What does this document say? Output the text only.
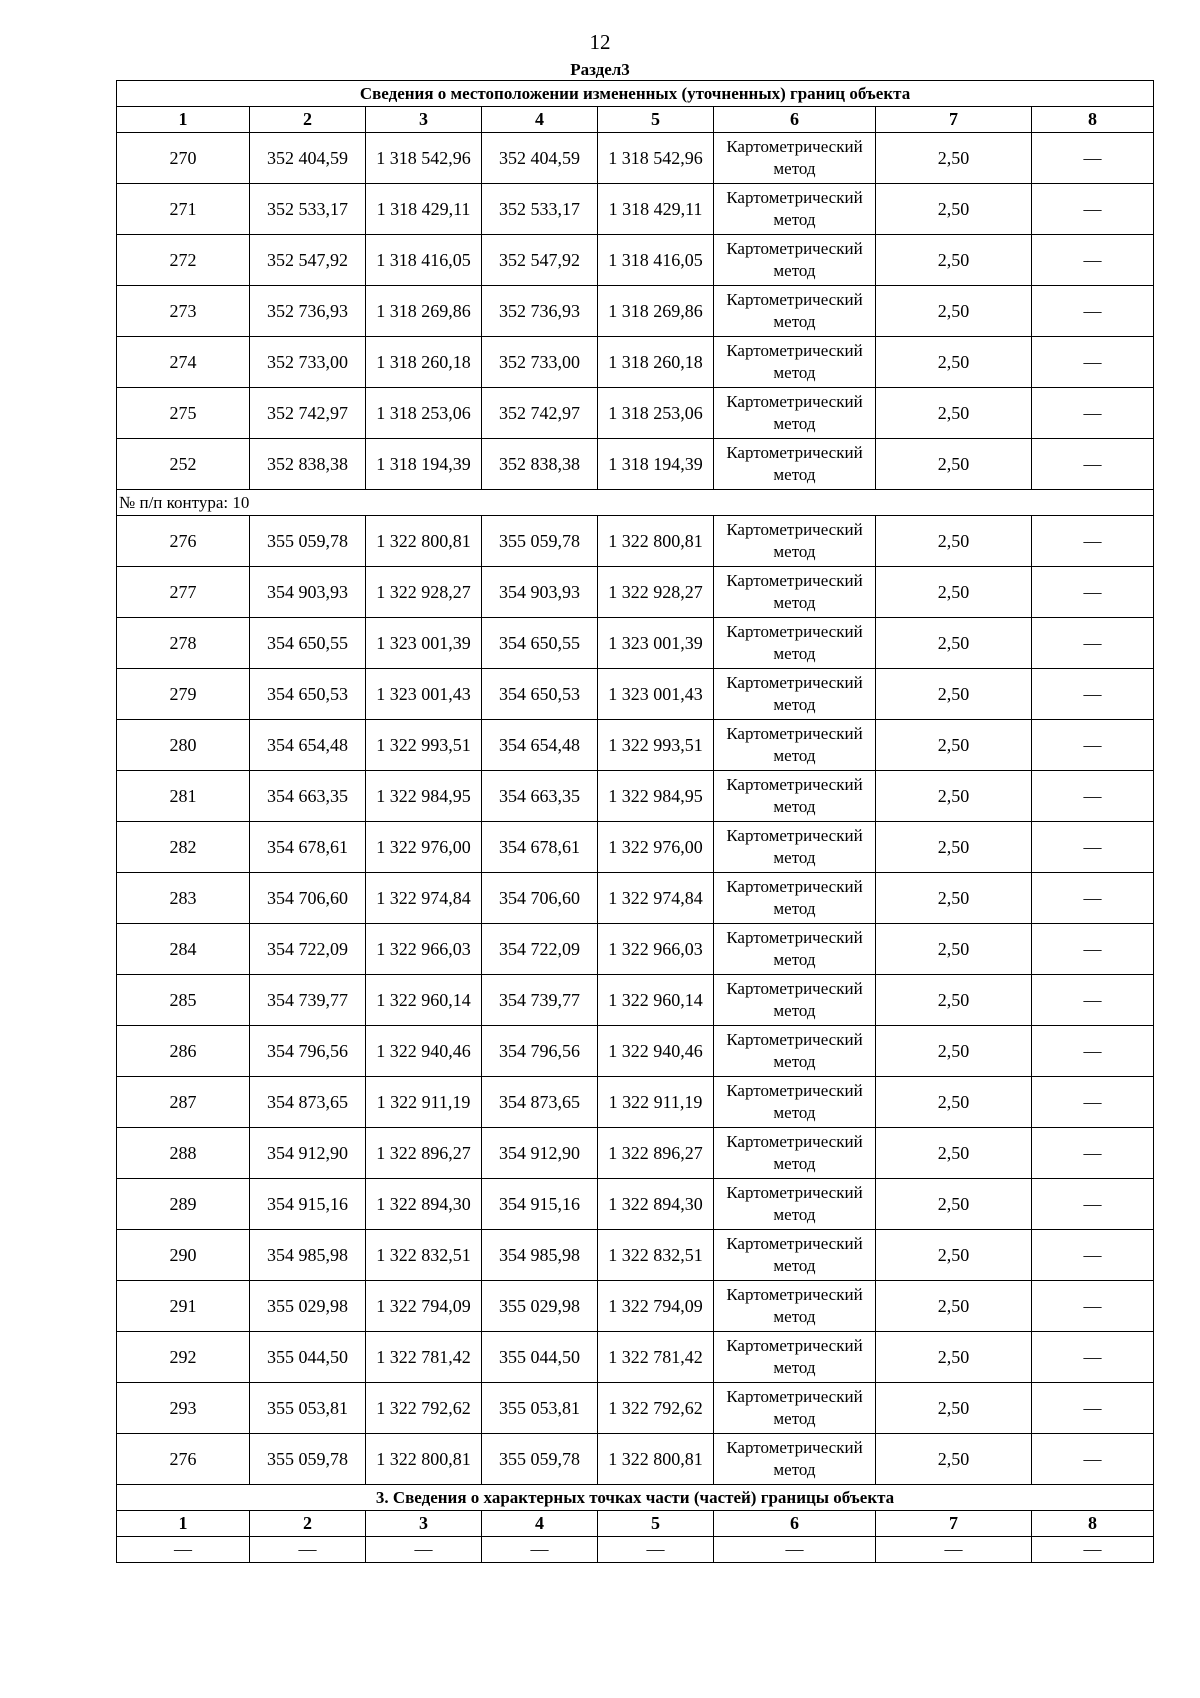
12
Раздел3
Сведения о местоположении измененных (уточненных) границ объекта							
1	2	3	4	5	6	7	8
270	352 404,59	1 318 542,96	352 404,59	1 318 542,96	Картометрический метод	2,50	—
271	352 533,17	1 318 429,11	352 533,17	1 318 429,11	Картометрический метод	2,50	—
272	352 547,92	1 318 416,05	352 547,92	1 318 416,05	Картометрический метод	2,50	—
273	352 736,93	1 318 269,86	352 736,93	1 318 269,86	Картометрический метод	2,50	—
274	352 733,00	1 318 260,18	352 733,00	1 318 260,18	Картометрический метод	2,50	—
275	352 742,97	1 318 253,06	352 742,97	1 318 253,06	Картометрический метод	2,50	—
252	352 838,38	1 318 194,39	352 838,38	1 318 194,39	Картометрический метод	2,50	—
№ п/п контура: 10							
276	355 059,78	1 322 800,81	355 059,78	1 322 800,81	Картометрический метод	2,50	—
277	354 903,93	1 322 928,27	354 903,93	1 322 928,27	Картометрический метод	2,50	—
278	354 650,55	1 323 001,39	354 650,55	1 323 001,39	Картометрический метод	2,50	—
279	354 650,53	1 323 001,43	354 650,53	1 323 001,43	Картометрический метод	2,50	—
280	354 654,48	1 322 993,51	354 654,48	1 322 993,51	Картометрический метод	2,50	—
281	354 663,35	1 322 984,95	354 663,35	1 322 984,95	Картометрический метод	2,50	—
282	354 678,61	1 322 976,00	354 678,61	1 322 976,00	Картометрический метод	2,50	—
283	354 706,60	1 322 974,84	354 706,60	1 322 974,84	Картометрический метод	2,50	—
284	354 722,09	1 322 966,03	354 722,09	1 322 966,03	Картометрический метод	2,50	—
285	354 739,77	1 322 960,14	354 739,77	1 322 960,14	Картометрический метод	2,50	—
286	354 796,56	1 322 940,46	354 796,56	1 322 940,46	Картометрический метод	2,50	—
287	354 873,65	1 322 911,19	354 873,65	1 322 911,19	Картометрический метод	2,50	—
288	354 912,90	1 322 896,27	354 912,90	1 322 896,27	Картометрический метод	2,50	—
289	354 915,16	1 322 894,30	354 915,16	1 322 894,30	Картометрический метод	2,50	—
290	354 985,98	1 322 832,51	354 985,98	1 322 832,51	Картометрический метод	2,50	—
291	355 029,98	1 322 794,09	355 029,98	1 322 794,09	Картометрический метод	2,50	—
292	355 044,50	1 322 781,42	355 044,50	1 322 781,42	Картометрический метод	2,50	—
293	355 053,81	1 322 792,62	355 053,81	1 322 792,62	Картометрический метод	2,50	—
276	355 059,78	1 322 800,81	355 059,78	1 322 800,81	Картометрический метод	2,50	—
3. Сведения о характерных точках части (частей) границы объекта							
1	2	3	4	5	6	7	8
—	—	—	—	—	—	—	—
